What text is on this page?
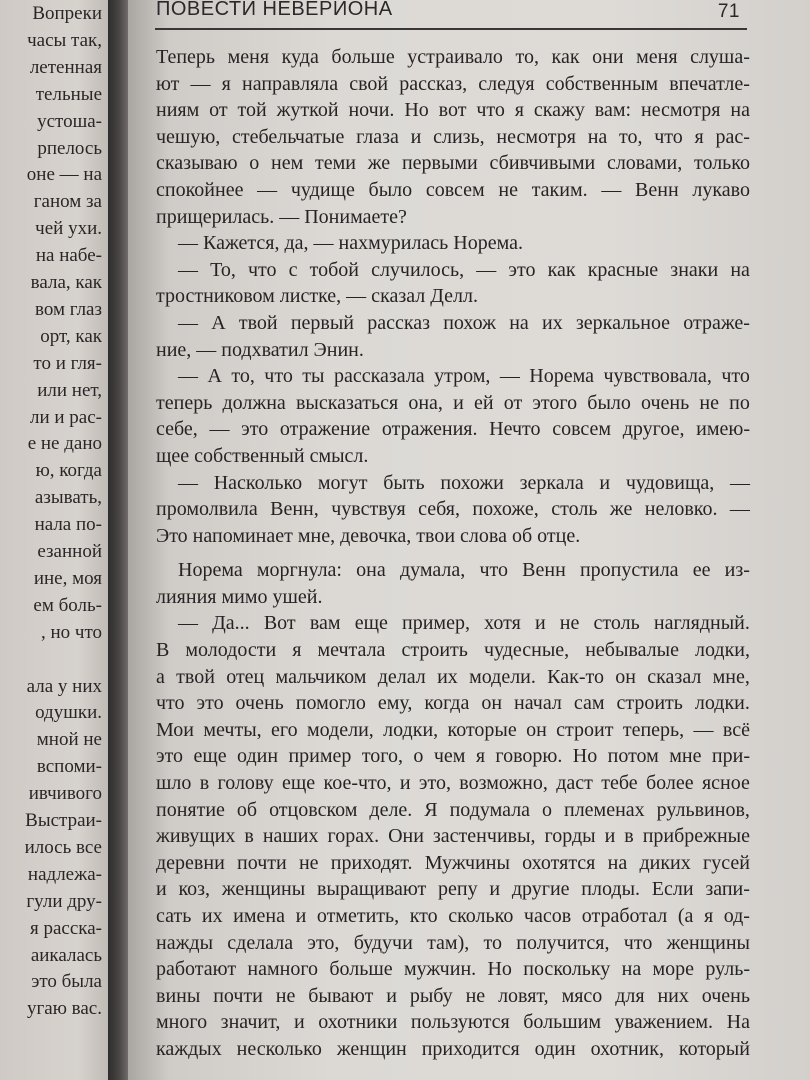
Вопреки
часы так,
летенная
тельные
устоша-
рпелось
оне — на
ганом за
чей ухи.
на набе-
вала, как
вом глаз
орт, как
то и гля-
или нет,
ли и рас-
е не дано
ю, когда
азывать,
нала по-
езанной
ине, моя
ем боль-
, но что
ала у них
одушки.
мной не
вспоми-
ивчивого
Выстраи-
илось все
надлежа-
гули дру-
я расска-
аикалась
это была
угаю вас.
ПОВЕСТИ НЕВЕРИОНА	71
Теперь меня куда больше устраивало то, как они меня слуша-
ют — я направляла свой рассказ, следуя собственным впечатле-
ниям от той жуткой ночи. Но вот что я скажу вам: несмотря на
чешую, стебельчатые глаза и слизь, несмотря на то, что я рас-
сказываю о нем теми же первыми сбивчивыми словами, только
спокойнее — чудище было совсем не таким. — Венн лукаво
прищерилась. — Понимаете?
— Кажется, да, — нахмурилась Норема.
— То, что с тобой случилось, — это как красные знаки на
тростниковом листке, — сказал Делл.
— А твой первый рассказ похож на их зеркальное отраже-
ние, — подхватил Энин.
— А то, что ты рассказала утром, — Норема чувствовала, что
теперь должна высказаться она, и ей от этого было очень не по
себе, — это отражение отражения. Нечто совсем другое, имею-
щее собственный смысл.
— Насколько могут быть похожи зеркала и чудовища, —
промолвила Венн, чувствуя себя, похоже, столь же неловко. —
Это напоминает мне, девочка, твои слова об отце.
Норема моргнула: она думала, что Венн пропустила ее из-
лияния мимо ушей.
— Да... Вот вам еще пример, хотя и не столь наглядный.
В молодости я мечтала строить чудесные, небывалые лодки,
а твой отец мальчиком делал их модели. Как-то он сказал мне,
что это очень помогло ему, когда он начал сам строить лодки.
Мои мечты, его модели, лодки, которые он строит теперь, — всё
это еще один пример того, о чем я говорю. Но потом мне при-
шло в голову еще кое-что, и это, возможно, даст тебе более ясное
понятие об отцовском деле. Я подумала о племенах рульвинов,
живущих в наших горах. Они застенчивы, горды и в прибрежные
деревни почти не приходят. Мужчины охотятся на диких гусей
и коз, женщины выращивают репу и другие плоды. Если запи-
сать их имена и отметить, кто сколько часов отработал (а я од-
нажды сделала это, будучи там), то получится, что женщины
работают намного больше мужчин. Но поскольку на море руль-
вины почти не бывают и рыбу не ловят, мясо для них очень
много значит, и охотники пользуются большим уважением. На
каждых несколько женщин приходится один охотник, который
